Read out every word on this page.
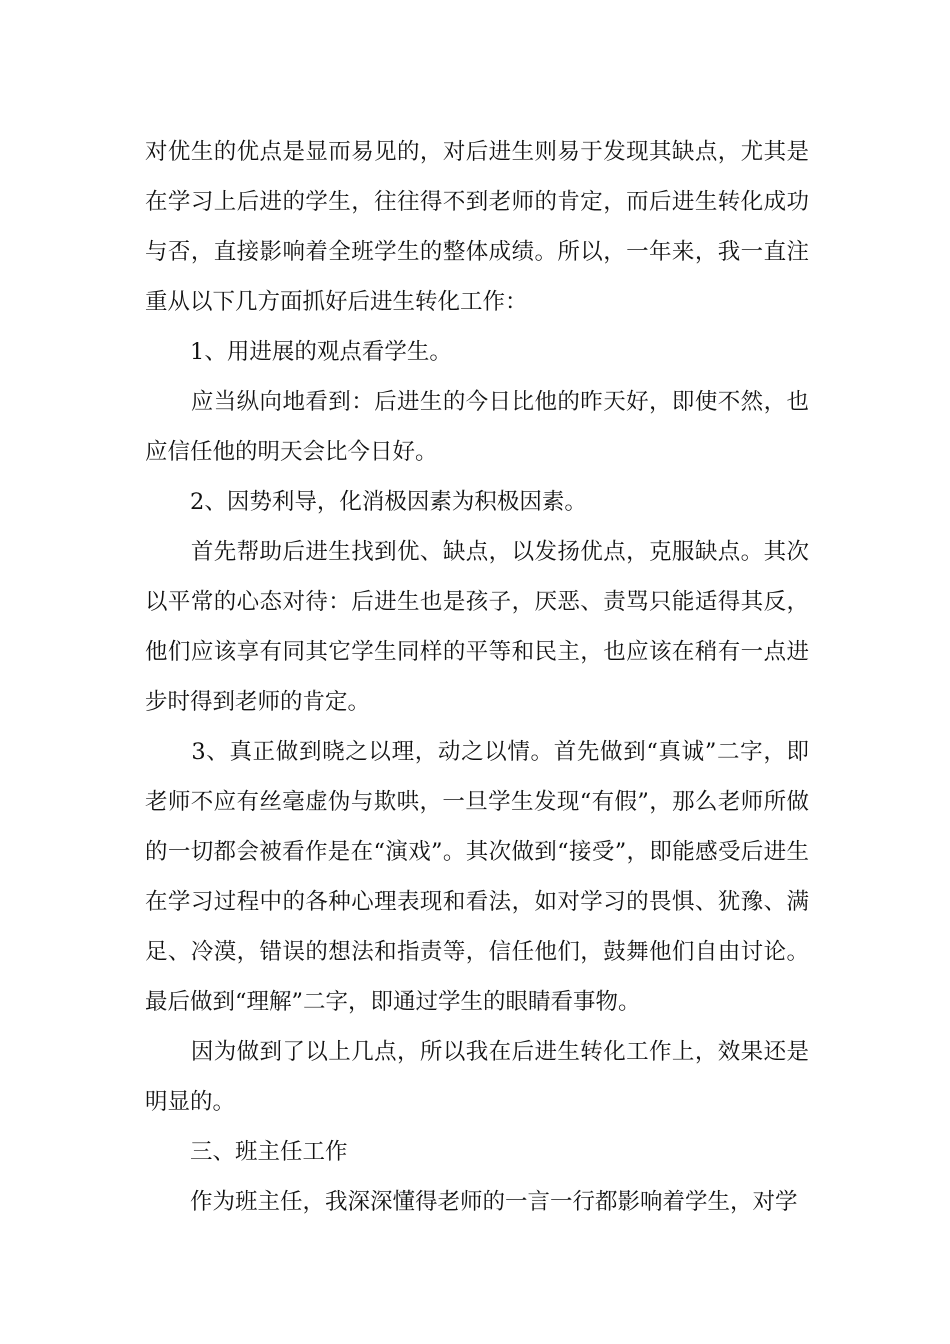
对优生的优点是显而易见的，对后进生则易于发现其缺点，尤其是在学习上后进的学生，往往得不到老师的肯定，而后进生转化成功与否，直接影响着全班学生的整体成绩。所以，一年来，我一直注重从以下几方面抓好后进生转化工作：

　　1、用进展的观点看学生。

　　应当纵向地看到：后进生的今日比他的昨天好，即使不然，也应信任他的明天会比今日好。

　　2、因势利导，化消极因素为积极因素。

　　首先帮助后进生找到优、缺点，以发扬优点，克服缺点。其次以平常的心态对待：后进生也是孩子，厌恶、责骂只能适得其反，他们应该享有同其它学生同样的平等和民主，也应该在稍有一点进步时得到老师的肯定。

　　3、真正做到晓之以理，动之以情。首先做到“真诚”二字，即老师不应有丝毫虚伪与欺哄，一旦学生发现“有假”，那么老师所做的一切都会被看作是在“演戏”。其次做到“接受”，即能感受后进生在学习过程中的各种心理表现和看法，如对学习的畏惧、犹豫、满足、冷漠，错误的想法和指责等，信任他们，鼓舞他们自由讨论。最后做到“理解”二字，即通过学生的眼睛看事物。

　　因为做到了以上几点，所以我在后进生转化工作上，效果还是明显的。

　　三、班主任工作

　　作为班主任，我深深懂得老师的一言一行都影响着学生，对学
